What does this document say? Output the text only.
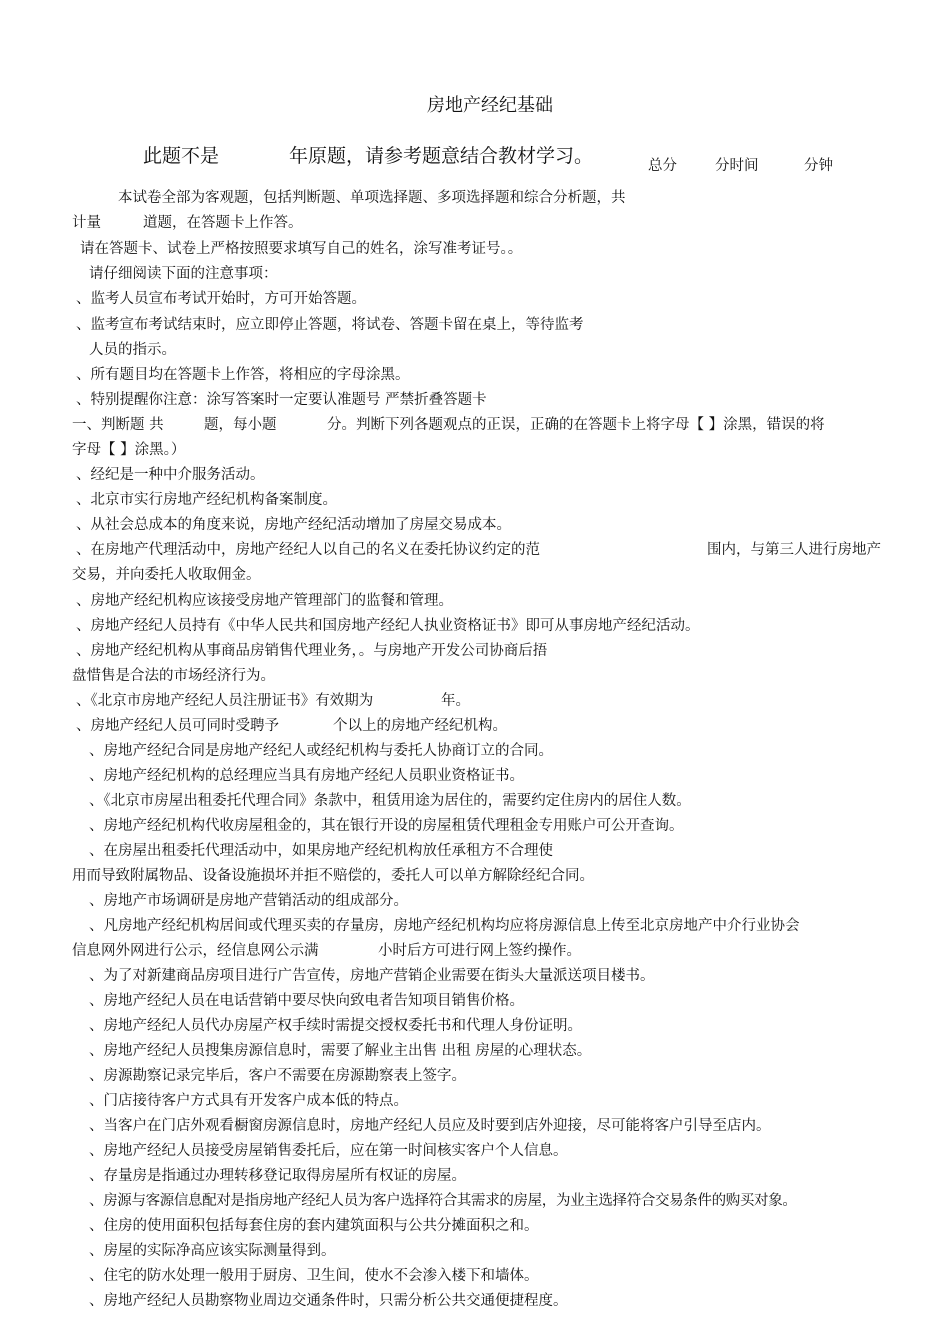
房地产经纪基础
此题不是	年原题，请参考题意结合教材学习。	总分	分时间	分钟
本试卷全部为客观题，包括判断题、单项选择题、多项选择题和综合分析题，共
计量	道题，在答题卡上作答。
请在答题卡、试卷上严格按照要求填写自己的姓名，涂写准考证号。。
请仔细阅读下面的注意事项：
、监考人员宣布考试开始时，方可开始答题。
、监考宣布考试结束时，应立即停止答题，将试卷、答题卡留在桌上，等待监考
人员的指示。
、所有题目均在答题卡上作答，将相应的字母涂黑。
、特别提醒你注意：涂写答案时一定要认准题号 严禁折叠答题卡
一、判断题 共	题，每小题	分。判断下列各题观点的正误，正确的在答题卡上将字母【 】涂黑，错误的将
字母【 】涂黑。）
、经纪是一种中介服务活动。
、北京市实行房地产经纪机构备案制度。
、从社会总成本的角度来说，房地产经纪活动增加了房屋交易成本。
、在房地产代理活动中，房地产经纪人以自己的名义在委托协议约定的范	围内，与第三人进行房地产
交易，并向委托人收取佣金。
、房地产经纪机构应该接受房地产管理部门的监餐和管理。
、房地产经纪人员持有《中华人民共和国房地产经纪人执业资格证书》即可从事房地产经纪活动。
、房地产经纪机构从事商品房销售代理业务，。与房地产开发公司协商后捂
盘惜售是合法的市场经济行为。
、《北京市房地产经纪人员注册证书》有效期为	年。
、房地产经纪人员可同时受聘予	个以上的房地产经纪机构。
、房地产经纪合同是房地产经纪人或经纪机构与委托人协商订立的合同。
、房地产经纪机构的总经理应当具有房地产经纪人员职业资格证书。
、《北京市房屋出租委托代理合同》条款中，租赁用途为居住的，需要约定住房内的居住人数。
、房地产经纪机构代收房屋租金的，其在银行开设的房屋租赁代理租金专用账户可公开查询。
、在房屋出租委托代理活动中，如果房地产经纪机构放任承租方不合理使
用而导致附属物品、设备设施损坏并拒不赔偿的，委托人可以单方解除经纪合同。
、房地产市场调研是房地产营销活动的组成部分。
、凡房地产经纪机构居间或代理买卖的存量房，房地产经纪机构均应将房源信息上传至北京房地产中介行业协会
信息网外网进行公示，经信息网公示满	小时后方可进行网上签约操作。
、为了对新建商品房项目进行广告宣传，房地产营销企业需要在街头大量派送项目楼书。
、房地产经纪人员在电话营销中要尽快向致电者告知项目销售价格。
、房地产经纪人员代办房屋产权手续时需提交授权委托书和代理人身份证明。
、房地产经纪人员搜集房源信息时，需要了解业主出售 出租 房屋的心理状态。
、房源勘察记录完毕后，客户不需要在房源勘察表上签字。
、门店接待客户方式具有开发客户成本低的特点。
、当客户在门店外观看橱窗房源信息时，房地产经纪人员应及时要到店外迎接，尽可能将客户引导至店内。
、房地产经纪人员接受房屋销售委托后，应在第一时间核实客户个人信息。
、存量房是指通过办理转移登记取得房屋所有权证的房屋。
、房源与客源信息配对是指房地产经纪人员为客户选择符合其需求的房屋，为业主选择符合交易条件的购买对象。
、住房的使用面积包括每套住房的套内建筑面积与公共分摊面积之和。
、房屋的实际净高应该实际测量得到。
、住宅的防水处理一般用于厨房、卫生间，使水不会渗入楼下和墙体。
、房地产经纪人员勘察物业周边交通条件时，只需分析公共交通便捷程度。
